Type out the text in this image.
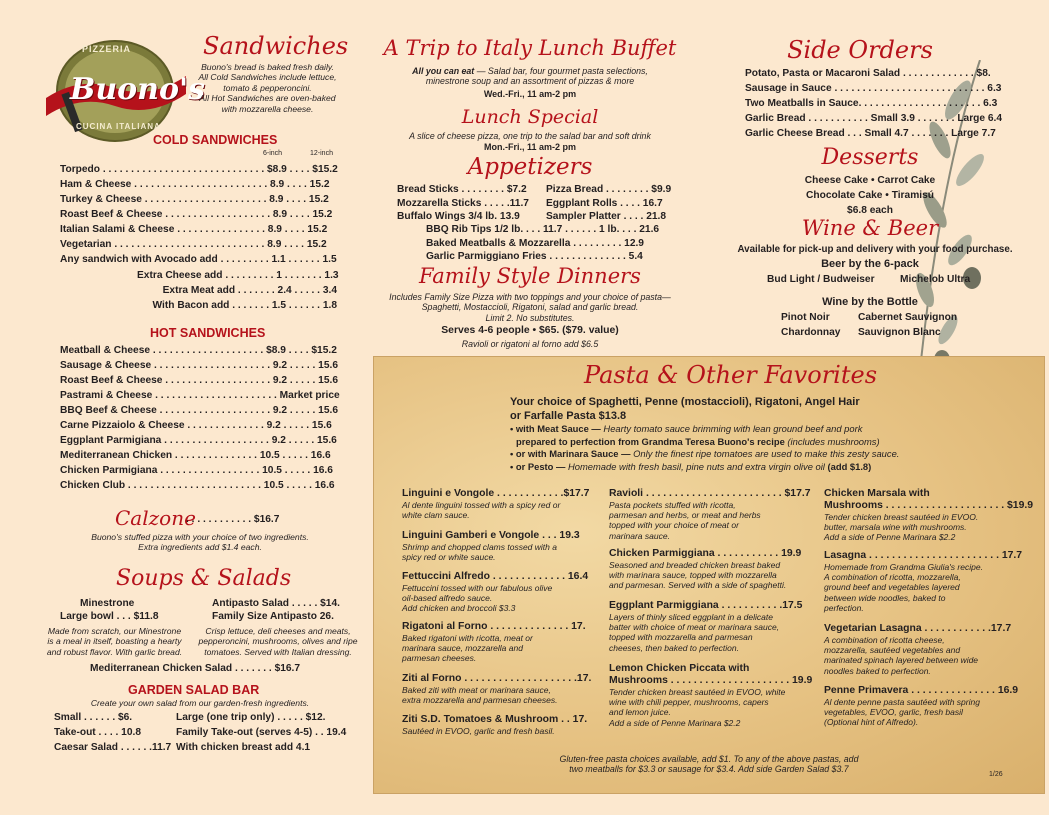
PIZZERIA
Buono's
CUCINA ITALIANA
Sandwiches
Buono's bread is baked fresh daily.
All Cold Sandwiches include lettuce,
tomato & pepperoncini.
All Hot Sandwiches are oven-baked
with mozzarella cheese.
COLD SANDWICHES
6-inch	12-inch
Torpedo . . . . . . . . . . . . . . . . . . . . . . . . . . . . . $8.9 . . . . $15.2
Ham & Cheese . . . . . . . . . . . . . . . . . . . . . . . . 8.9 . . . . 15.2
Turkey & Cheese . . . . . . . . . . . . . . . . . . . . . . 8.9 . . . . 15.2
Roast Beef & Cheese . . . . . . . . . . . . . . . . . . . 8.9 . . . . 15.2
Italian Salami & Cheese . . . . . . . . . . . . . . . . 8.9 . . . . 15.2
Vegetarian . . . . . . . . . . . . . . . . . . . . . . . . . . . 8.9 . . . . 15.2
Any sandwich with Avocado add . . . . . . . . . 1.1 . . . . . . 1.5
Extra Cheese add . . . . . . . . . 1 . . . . . . . 1.3
Extra Meat add . . . . . . . 2.4 . . . . . 3.4
With Bacon add . . . . . . . 1.5 . . . . . . 1.8
HOT SANDWICHES
Meatball & Cheese . . . . . . . . . . . . . . . . . . . . $8.9 . . . . $15.2
Sausage & Cheese . . . . . . . . . . . . . . . . . . . . . 9.2 . . . . . 15.6
Roast Beef & Cheese . . . . . . . . . . . . . . . . . . . 9.2 . . . . . 15.6
Pastrami & Cheese . . . . . . . . . . . . . . . . . . . . . . Market price
BBQ Beef & Cheese . . . . . . . . . . . . . . . . . . . . 9.2 . . . . . 15.6
Carne Pizzaiolo & Cheese . . . . . . . . . . . . . . 9.2 . . . . . 15.6
Eggplant Parmigiana . . . . . . . . . . . . . . . . . . . 9.2 . . . . . 15.6
Mediterranean Chicken . . . . . . . . . . . . . . . 10.5 . . . . . 16.6
Chicken Parmigiana . . . . . . . . . . . . . . . . . . 10.5 . . . . . 16.6
Chicken Club . . . . . . . . . . . . . . . . . . . . . . . . 10.5 . . . . . 16.6
Calzone
. . . . . . . . . . . . $16.7
Buono's stuffed pizza with your choice of two ingredients.
Extra ingredients add $1.4 each.
Soups & Salads
Minestrone
Large bowl . . . $11.8
Made from scratch, our Minestrone
is a meal in itself, boasting a hearty
and robust flavor. With garlic bread.
Antipasto Salad . . . . . $14.
Family Size Antipasto 26.
Crisp lettuce, deli cheeses and meats,
pepperoncini, mushrooms, olives and ripe
tomatoes. Served with Italian dressing.
Mediterranean Chicken Salad . . . . . . . $16.7
GARDEN SALAD BAR
Create your own salad from our garden-fresh ingredients.
Small . . . . . . $6.
Take-out . . . . 10.8
Caesar Salad . . . . . .11.7
Large (one trip only) . . . . . $12.
Family Take-out (serves 4-5) . . 19.4
With chicken breast add 4.1
A Trip to Italy Lunch Buffet
All you can eat — Salad bar, four gourmet pasta selections,
minestrone soup and an assortment of pizzas & more
Wed.-Fri., 11 am-2 pm
Lunch Special
A slice of cheese pizza, one trip to the salad bar and soft drink
Mon.-Fri., 11 am-2 pm
Appetizers
Bread Sticks . . . . . . . . $7.2
Mozzarella Sticks . . . . .11.7
Buffalo Wings 3/4 lb. 13.9
Pizza Bread . . . . . . . . $9.9
Eggplant Rolls . . . . 16.7
Sampler Platter . . . . 21.8
BBQ Rib Tips 1/2 lb. . . . 11.7 . . . . . . 1 lb. . . . 21.6
Baked Meatballs & Mozzarella . . . . . . . . . 12.9
Garlic Parmiggiano Fries . . . . . . . . . . . . . . 5.4
Family Style Dinners
Includes Family Size Pizza with two toppings and your choice of pasta—
Spaghetti, Mostaccioli, Rigatoni, salad and garlic bread.
Limit 2. No substitutes.
Serves 4-6 people • $65. ($79. value)
Ravioli or rigatoni al forno add $6.5
Side Orders
Potato, Pasta or Macaroni Salad . . . . . . . . . . . . . $8.
Sausage in Sauce . . . . . . . . . . . . . . . . . . . . . . . . . . . 6.3
Two Meatballs in Sauce. . . . . . . . . . . . . . . . . . . . . . 6.3
Garlic Bread . . . . . . . . . . . Small 3.9 . . . . . . . Large 6.4
Garlic Cheese Bread . . . Small 4.7 . . . . . . . Large 7.7
Desserts
Cheese Cake • Carrot Cake
Chocolate Cake • Tiramisú
$6.8 each
Wine & Beer
Available for pick-up and delivery with your food purchase.
Beer by the 6-pack
Bud Light / Budweiser Michelob Ultra
Wine by the Bottle
Pinot Noir
Chardonnay
Cabernet Sauvignon
Sauvignon Blanc
Pasta & Other Favorites
Your choice of Spaghetti, Penne (mostaccioli), Rigatoni, Angel Hair
or Farfalle Pasta $13.8
• with Meat Sauce — Hearty tomato sauce brimming with lean ground beef and pork
prepared to perfection from Grandma Teresa Buono's recipe (includes mushrooms)
• or with Marinara Sauce — Only the finest ripe tomatoes are used to make this zesty sauce.
• or Pesto — Homemade with fresh basil, pine nuts and extra virgin olive oil (add $1.8)
Linguini e Vongole . . . . . . . . . . . .$17.7
Al dente linguini tossed with a spicy red or
white clam sauce.
Linguini Gamberi e Vongole . . . 19.3
Shrimp and chopped clams tossed with a
spicy red or white sauce.
Fettuccini Alfredo . . . . . . . . . . . . . 16.4
Fettuccini tossed with our fabulous olive
oil-based alfredo sauce.
Add chicken and broccoli $3.3
Rigatoni al Forno . . . . . . . . . . . . . . 17.
Baked rigatoni with ricotta, meat or
marinara sauce, mozzarella and
parmesan cheeses.
Ziti al Forno . . . . . . . . . . . . . . . . . . . .17.
Baked ziti with meat or marinara sauce,
extra mozzarella and parmesan cheeses.
Ziti S.D. Tomatoes & Mushroom . . 17.
Sautéed in EVOO, garlic and fresh basil.
Ravioli . . . . . . . . . . . . . . . . . . . . . . . . $17.7
Pasta pockets stuffed with ricotta,
parmesan and herbs, or meat and herbs
topped with your choice of meat or
marinara sauce.
Chicken Parmiggiana . . . . . . . . . . . 19.9
Seasoned and breaded chicken breast baked
with marinara sauce, topped with mozzarella
and parmesan. Served with a side of spaghetti.
Eggplant Parmiggiana . . . . . . . . . . .17.5
Layers of thinly sliced eggplant in a delicate
batter with choice of meat or marinara sauce,
topped with mozzarella and parmesan
cheeses, then baked to perfection.
Lemon Chicken Piccata with
Mushrooms . . . . . . . . . . . . . . . . . . . . . 19.9
Tender chicken breast sautéed in EVOO, white
wine with chili pepper, mushrooms, capers
and lemon juice.
Add a side of Penne Marinara $2.2
Chicken Marsala with
Mushrooms . . . . . . . . . . . . . . . . . . . . . $19.9
Tender chicken breast sautéed in EVOO.
butter, marsala wine with mushrooms.
Add a side of Penne Marinara $2.2
Lasagna . . . . . . . . . . . . . . . . . . . . . . . 17.7
Homemade from Grandma Giulia's recipe.
A combination of ricotta, mozzarella,
ground beef and vegetables layered
between wide noodles, baked to
perfection.
Vegetarian Lasagna . . . . . . . . . . . .17.7
A combination of ricotta cheese,
mozzarella, sautéed vegetables and
marinated spinach layered between wide
noodles baked to perfection.
Penne Primavera . . . . . . . . . . . . . . . 16.9
Al dente penne pasta sautéed with spring
vegetables, EVOO, garlic, fresh basil
(Optional hint of Alfredo).
Gluten-free pasta choices available, add $1. To any of the above pastas, add
two meatballs for $3.3 or sausage for $3.4. Add side Garden Salad $3.7
1/26
